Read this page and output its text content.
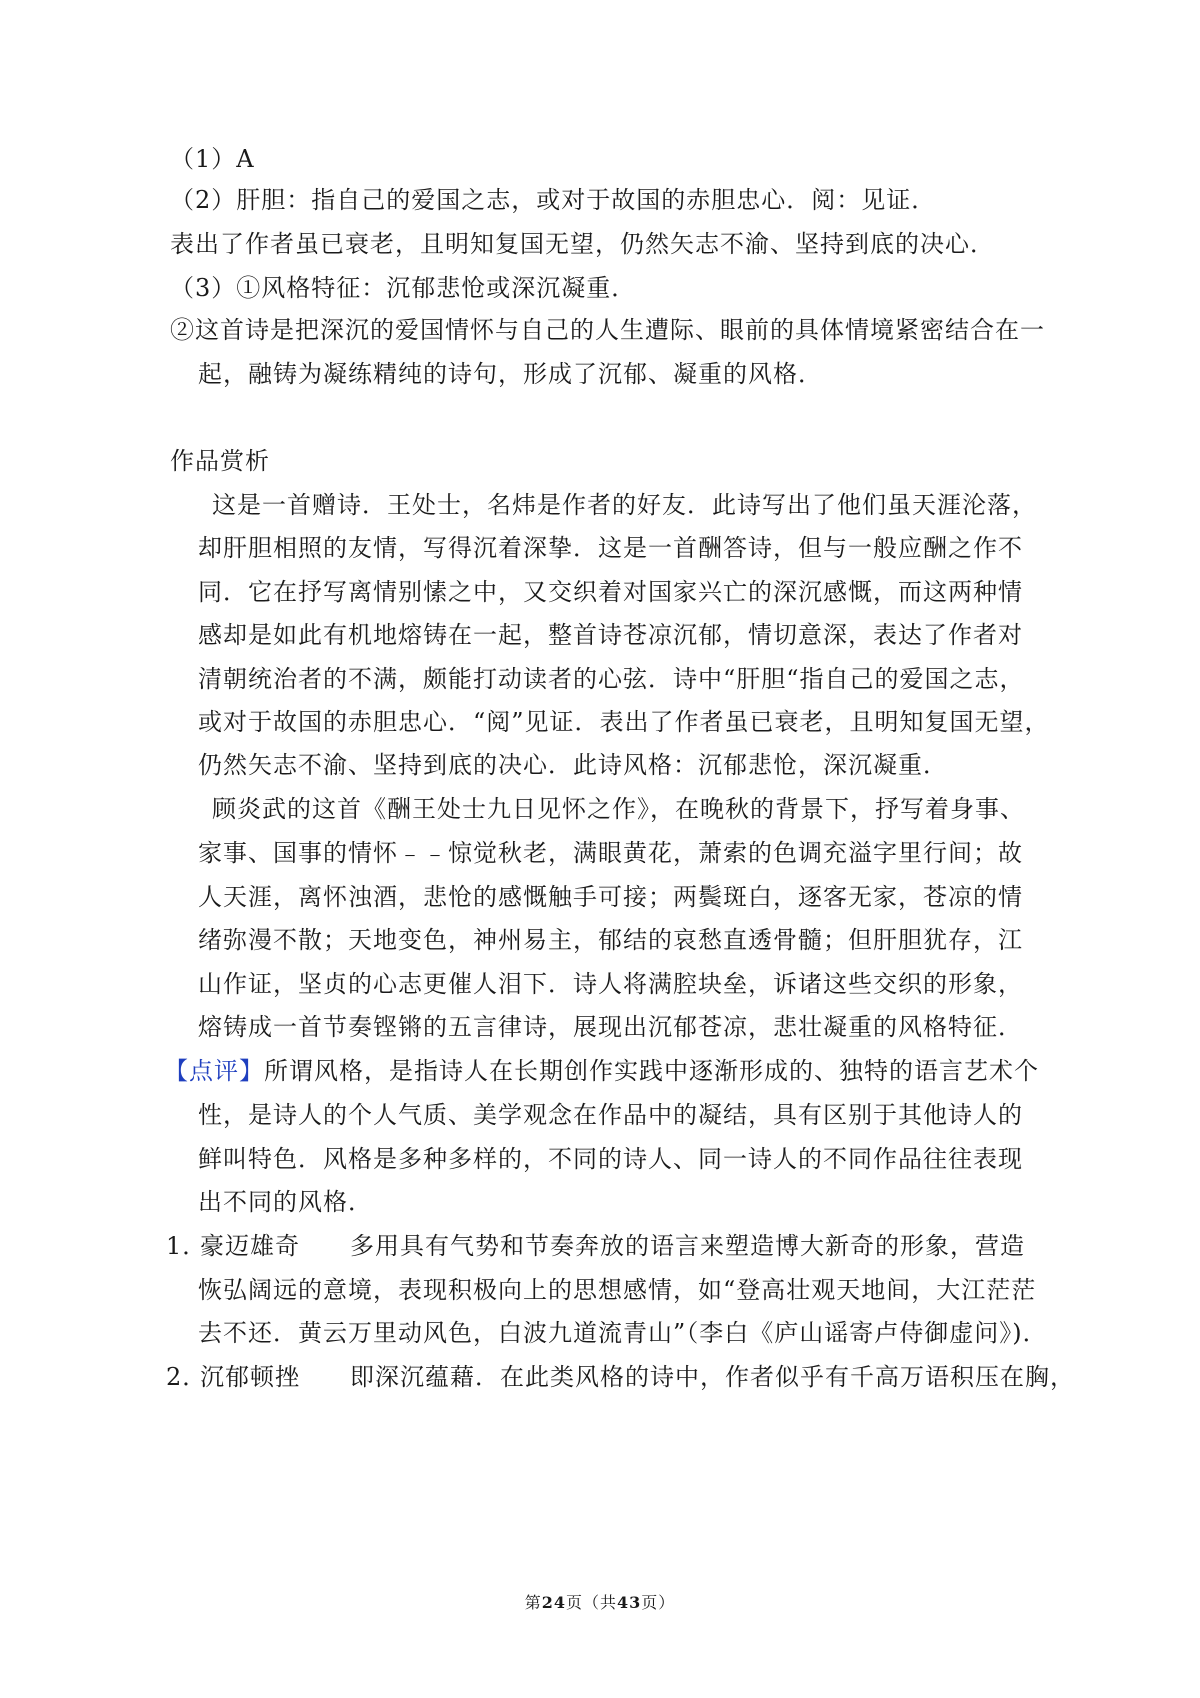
（1）A
（2）肝胆：指自己的爱国之志，或对于故国的赤胆忠心．阅：见证．
表出了作者虽已衰老，且明知复国无望，仍然矢志不渝、坚持到底的决心．
（3）①风格特征：沉郁悲怆或深沉凝重．
②这首诗是把深沉的爱国情怀与自己的人生遭际、眼前的具体情境紧密结合在一
起，融铸为凝练精纯的诗句，形成了沉郁、凝重的风格．
作品赏析
这是一首赠诗．王处士，名炜是作者的好友．此诗写出了他们虽天涯沦落，
却肝胆相照的友情，写得沉着深挚．这是一首酬答诗，但与一般应酬之作不
同．它在抒写离情别愫之中，又交织着对国家兴亡的深沉感慨，而这两种情
感却是如此有机地熔铸在一起，整首诗苍凉沉郁，情切意深，表达了作者对
清朝统治者的不满，颇能打动读者的心弦．诗中“肝胆“指自己的爱国之志，
或对于故国的赤胆忠心．“阅”见证．表出了作者虽已衰老，且明知复国无望，
仍然矢志不渝、坚持到底的决心．此诗风格：沉郁悲怆，深沉凝重．
顾炎武的这首《酬王处士九日见怀之作》，在晚秋的背景下，抒写着身事、
家事、国事的情怀﹣﹣惊觉秋老，满眼黄花，萧索的色调充溢字里行间；故
人天涯，离怀浊酒，悲怆的感慨触手可接；两鬓斑白，逐客无家，苍凉的情
绪弥漫不散；天地变色，神州易主，郁结的哀愁直透骨髓；但肝胆犹存，江
山作证，坚贞的心志更催人泪下．诗人将满腔块垒，诉诸这些交织的形象，
熔铸成一首节奏铿锵的五言律诗，展现出沉郁苍凉，悲壮凝重的风格特征．
【点评】所谓风格，是指诗人在长期创作实践中逐渐形成的、独特的语言艺术个
性，是诗人的个人气质、美学观念在作品中的凝结，具有区别于其他诗人的
鲜叫特色．风格是多种多样的，不同的诗人、同一诗人的不同作品往往表现
出不同的风格．
1．豪迈雄奇　　多用具有气势和节奏奔放的语言来塑造博大新奇的形象，营造
恢弘阔远的意境，表现积极向上的思想感情，如“登高壮观天地间，大江茫茫
去不还．黄云万里动风色，白波九道流青山”（李白《庐山谣寄卢侍御虚问》)．
2．沉郁顿挫　　即深沉蕴藉．在此类风格的诗中，作者似乎有千高万语积压在胸，
第24页（共43页）
